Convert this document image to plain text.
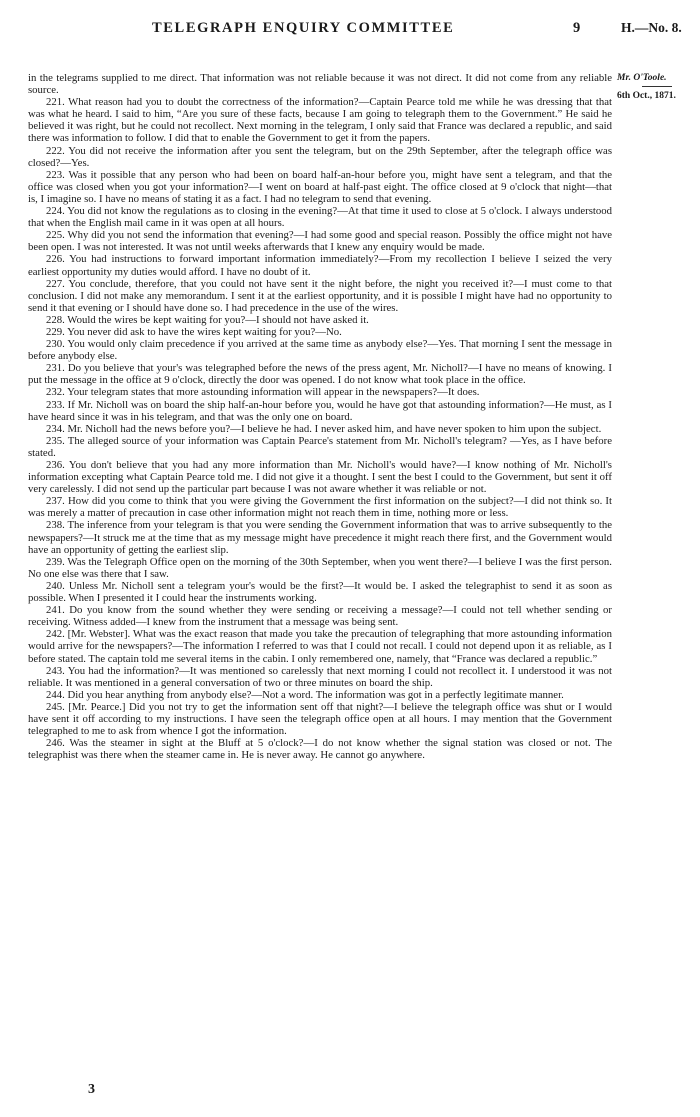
TELEGRAPH ENQUIRY COMMITTEE	9	H.—No. 8.
Mr. O'Toole.
6th Oct., 1871.

in the telegrams supplied to me direct. That information was not reliable because it was not direct. It did not come from any reliable source.

221. What reason had you to doubt the correctness of the information?—Captain Pearce told me while he was dressing that that was what he heard. I said to him, “Are you sure of these facts, because I am going to telegraph them to the Government.” He said he believed it was right, but he could not recollect. Next morning in the telegram, I only said that France was declared a republic, and said there was information to follow. I did that to enable the Government to get it from the papers.

222. You did not receive the information after you sent the telegram, but on the 29th September, after the telegraph office was closed?—Yes.

223. Was it possible that any person who had been on board half-an-hour before you, might have sent a telegram, and that the office was closed when you got your information?—I went on board at half-past eight. The office closed at 9 o'clock that night—that is, I imagine so. I have no means of stating it as a fact. I had no telegram to send that evening.

224. You did not know the regulations as to closing in the evening?—At that time it used to close at 5 o'clock. I always understood that when the English mail came in it was open at all hours.

225. Why did you not send the information that evening?—I had some good and special reason. Possibly the office might not have been open. I was not interested. It was not until weeks afterwards that I knew any enquiry would be made.

226. You had instructions to forward important information immediately?—From my recollection I believe I seized the very earliest opportunity my duties would afford. I have no doubt of it.

227. You conclude, therefore, that you could not have sent it the night before, the night you received it?—I must come to that conclusion. I did not make any memorandum. I sent it at the earliest opportunity, and it is possible I might have had no opportunity to send it that evening or I should have done so. I had precedence in the use of the wires.

228. Would the wires be kept waiting for you?—I should not have asked it.

229. You never did ask to have the wires kept waiting for you?—No.

230. You would only claim precedence if you arrived at the same time as anybody else?—Yes. That morning I sent the message in before anybody else.

231. Do you believe that your's was telegraphed before the news of the press agent, Mr. Nicholl?—I have no means of knowing. I put the message in the office at 9 o'clock, directly the door was opened. I do not know what took place in the office.

232. Your telegram states that more astounding information will appear in the newspapers?—It does.

233. If Mr. Nicholl was on board the ship half-an-hour before you, would he have got that astounding information?—He must, as I have heard since it was in his telegram, and that was the only one on board.

234. Mr. Nicholl had the news before you?—I believe he had. I never asked him, and have never spoken to him upon the subject.

235. The alleged source of your information was Captain Pearce's statement from Mr. Nicholl's telegram? —Yes, as I have before stated.

236. You don't believe that you had any more information than Mr. Nicholl's would have?—I know nothing of Mr. Nicholl's information excepting what Captain Pearce told me. I did not give it a thought. I sent the best I could to the Government, but sent it off very carelessly. I did not send up the particular part because I was not aware whether it was reliable or not.

237. How did you come to think that you were giving the Government the first information on the subject?—I did not think so. It was merely a matter of precaution in case other information might not reach them in time, nothing more or less.

238. The inference from your telegram is that you were sending the Government information that was to arrive subsequently to the newspapers?—It struck me at the time that as my message might have precedence it might reach there first, and the Government would have an opportunity of getting the earliest slip.

239. Was the Telegraph Office open on the morning of the 30th September, when you went there?—I believe I was the first person. No one else was there that I saw.

240. Unless Mr. Nicholl sent a telegram your's would be the first?—It would be. I asked the telegraphist to send it as soon as possible. When I presented it I could hear the instruments working.

241. Do you know from the sound whether they were sending or receiving a message?—I could not tell whether sending or receiving. Witness added—I knew from the instrument that a message was being sent.

242. [Mr. Webster]. What was the exact reason that made you take the precaution of telegraphing that more astounding information would arrive for the newspapers?—The information I referred to was that I could not recall. I could not depend upon it as reliable, as I before stated. The captain told me several items in the cabin. I only remembered one, namely, that “France was declared a republic.”

243. You had the information?—It was mentioned so carelessly that next morning I could not recollect it. I understood it was not reliable. It was mentioned in a general conversation of two or three minutes on board the ship.

244. Did you hear anything from anybody else?—Not a word. The information was got in a perfectly legitimate manner.

245. [Mr. Pearce.] Did you not try to get the information sent off that night?—I believe the telegraph office was shut or I would have sent it off according to my instructions. I have seen the telegraph office open at all hours. I may mention that the Government telegraphed to me to ask from whence I got the information.

246. Was the steamer in sight at the Bluff at 5 o'clock?—I do not know whether the signal station was closed or not. The telegraphist was there when the steamer came in. He is never away. He cannot go anywhere.

3
